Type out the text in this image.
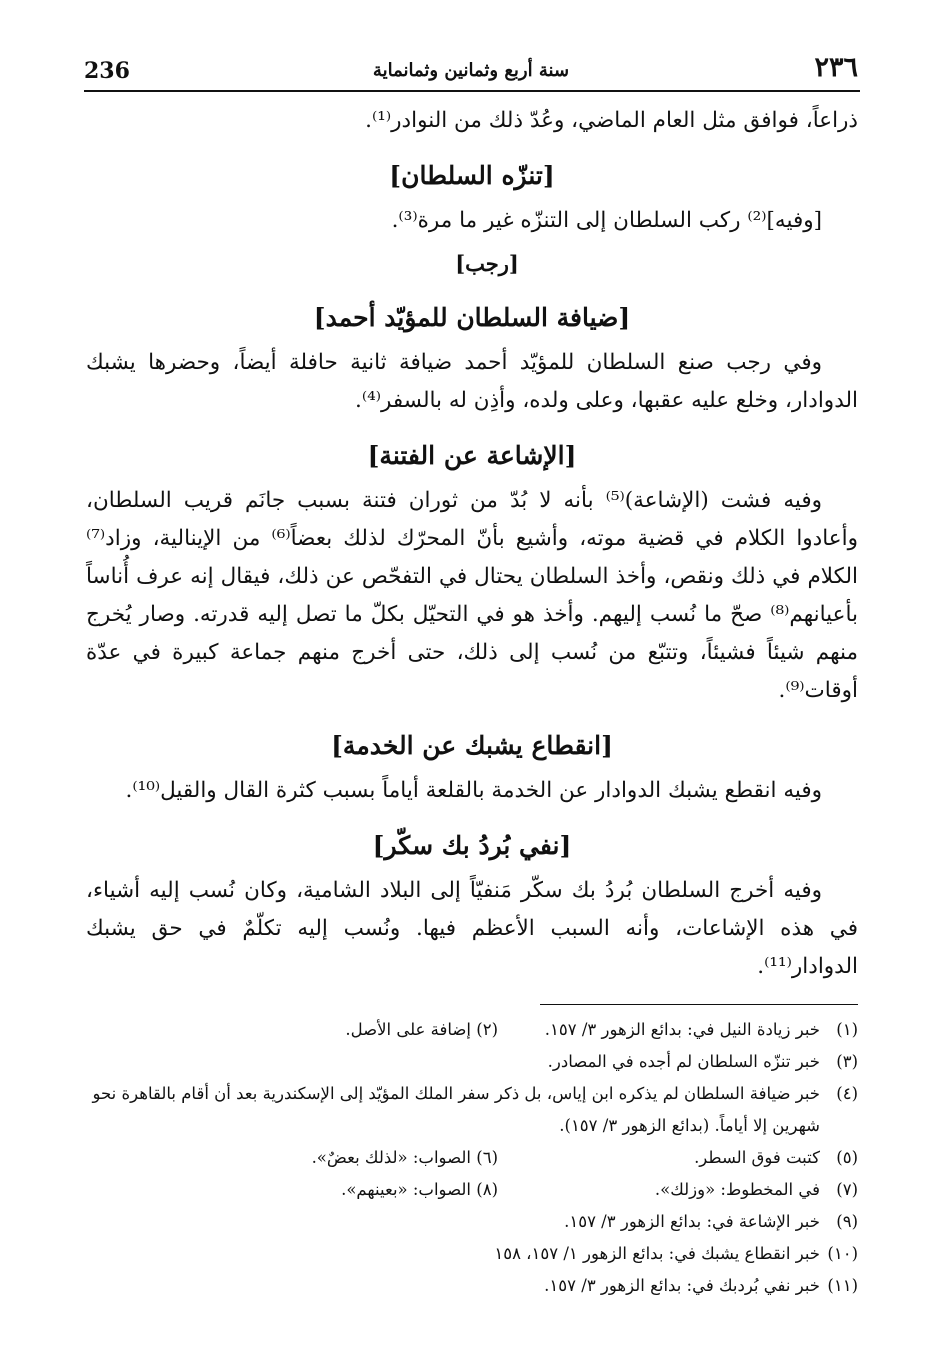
236	سنة أربع وثمانين وثمانماية	٢٣٦

ذراعاً، فوافق مثل العام الماضي، وعُدّ ذلك من النوادر⁽¹⁾.

[تنزّه السلطان]

[وفيه]⁽²⁾ ركب السلطان إلى التنزّه غير ما مرة⁽³⁾.

[رجب]
[ضيافة السلطان للمؤيّد أحمد]

وفي رجب صنع السلطان للمؤيّد أحمد ضيافة ثانية حافلة أيضاً، وحضرها يشبك الدوادار، وخلع عليه عقبها، وعلى ولده، وأذِن له بالسفر⁽⁴⁾.

[الإشاعة عن الفتنة]

وفيه فشت (الإشاعة)⁽⁵⁾ بأنه لا بُدّ من ثوران فتنة بسبب جانَم قريب السلطان، وأعادوا الكلام في قضية موته، وأشيع بأنّ المحرّك لذلك بعضاً⁽⁶⁾ من الإينالية، وزاد⁽⁷⁾ الكلام في ذلك ونقص، وأخذ السلطان يحتال في التفحّص عن ذلك، فيقال إنه عرف أُناساً بأعيانهم⁽⁸⁾ صحّ ما نُسب إليهم. وأخذ هو في التحيّل بكلّ ما تصل إليه قدرته. وصار يُخرج منهم شيئاً فشيئاً، وتتبّع من نُسب إلى ذلك، حتى أخرج منهم جماعة كبيرة في عدّة أوقات⁽⁹⁾.

[انقطاع يشبك عن الخدمة]

وفيه انقطع يشبك الدوادار عن الخدمة بالقلعة أياماً بسبب كثرة القال والقيل⁽¹⁰⁾.

[نفي بُردُ بك سكّر]

وفيه أخرج السلطان بُردُ بك سكّر مَنفيّاً إلى البلاد الشامية، وكان نُسب إليه أشياء، في هذه الإشاعات، وأنه السبب الأعظم فيها. ونُسب إليه تكلّمٌ في حق يشبك الدوادار⁽¹¹⁾.

(١)
خبر زيادة النيل في: بدائع الزهور ٣/ ١٥٧.
(٢) إضافة على الأصل.
(٣)
خبر تنزّه السلطان لم أجده في المصادر.
(٤)
خبر ضيافة السلطان لم يذكره ابن إياس، بل ذكر سفر الملك المؤيّد إلى الإسكندرية بعد أن أقام بالقاهرة نحو شهرين إلا أياماً. (بدائع الزهور ٣/ ١٥٧).
(٥)
كتبت فوق السطر.
(٦) الصواب: «لذلك بعضٌ».
(٧)
في المخطوط: «وزلك».
(٨) الصواب: «بعينهم».
(٩)
خبر الإشاعة في: بدائع الزهور ٣/ ١٥٧.
(١٠)
خبر انقطاع يشبك في: بدائع الزهور ١/ ١٥٧، ١٥٨
(١١)
خبر نفي بُردبك في: بدائع الزهور ٣/ ١٥٧.
